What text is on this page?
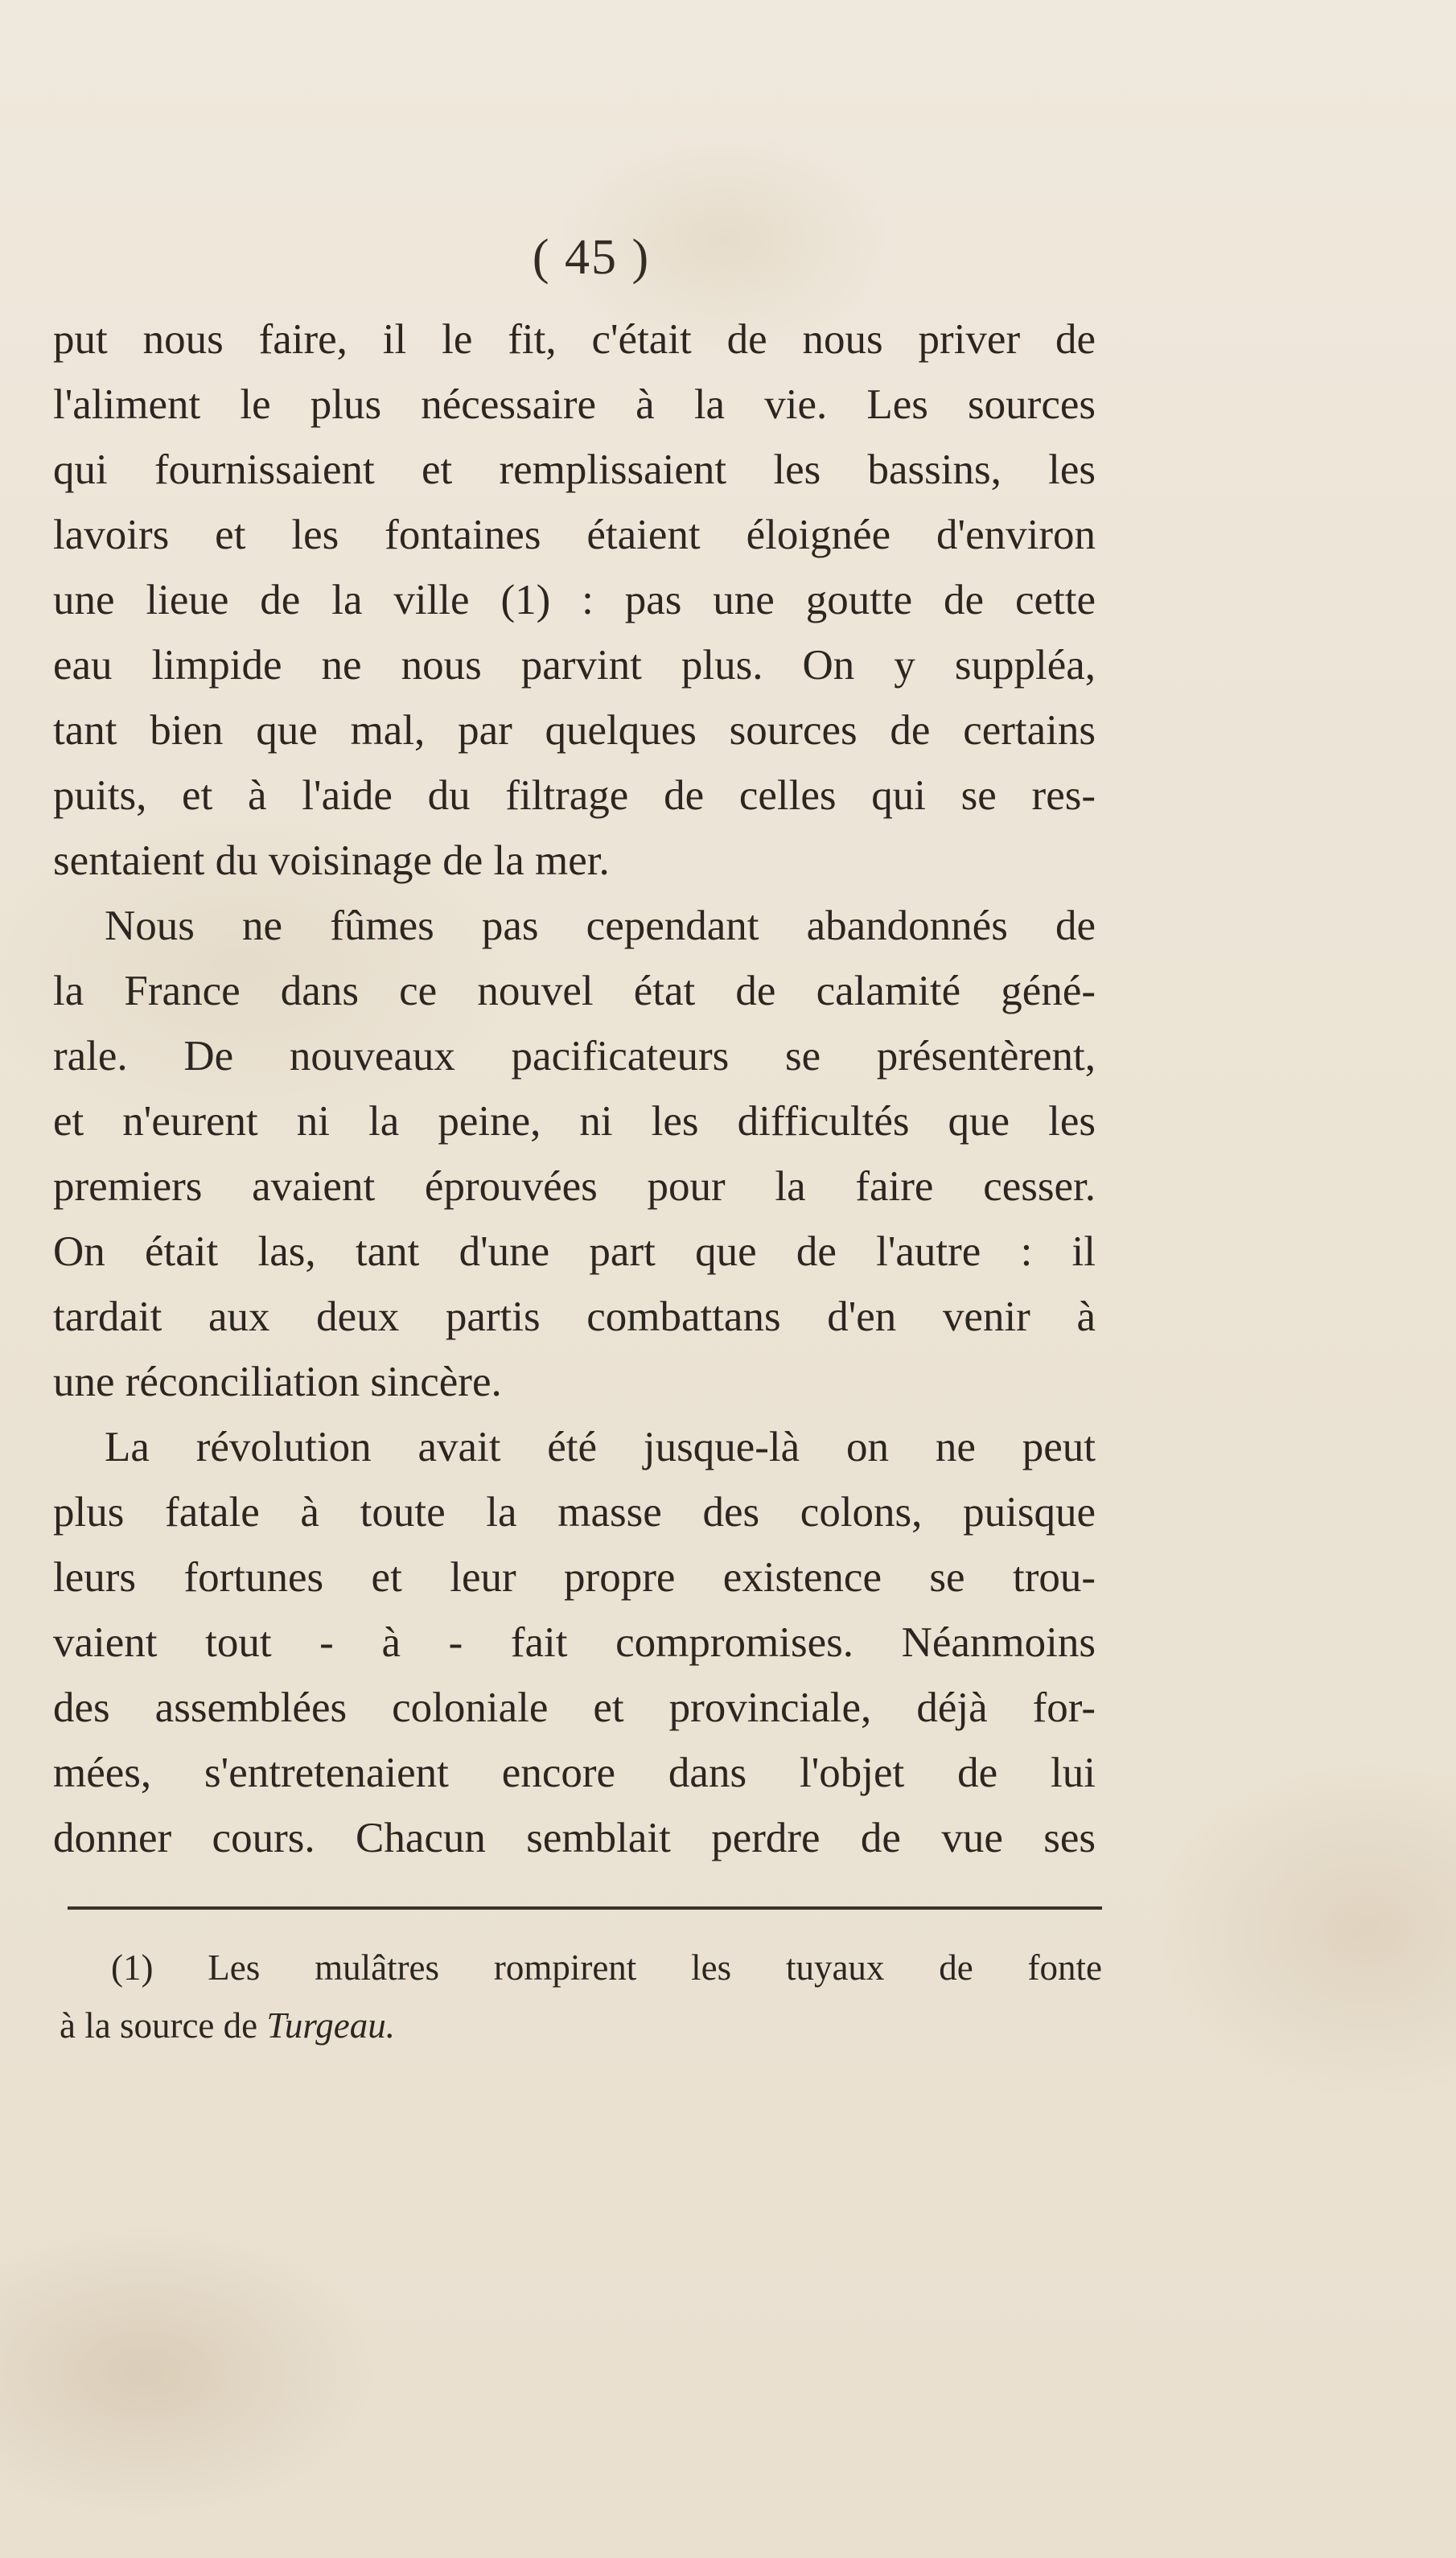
( 45 )
put nous faire, il le fit, c'était de nous priver de
l'aliment le plus nécessaire à la vie. Les sources
qui fournissaient et remplissaient les bassins, les
lavoirs et les fontaines étaient éloignée d'environ
une lieue de la ville (1) : pas une goutte de cette
eau limpide ne nous parvint plus. On y suppléa,
tant bien que mal, par quelques sources de certains
puits, et à l'aide du filtrage de celles qui se res-
sentaient du voisinage de la mer.
Nous ne fûmes pas cependant abandonnés de
la France dans ce nouvel état de calamité géné-
rale. De nouveaux pacificateurs se présentèrent,
et n'eurent ni la peine, ni les difficultés que les
premiers avaient éprouvées pour la faire cesser.
On était las, tant d'une part que de l'autre : il
tardait aux deux partis combattans d'en venir à
une réconciliation sincère.
La révolution avait été jusque-là on ne peut
plus fatale à toute la masse des colons, puisque
leurs fortunes et leur propre existence se trou-
vaient tout - à - fait compromises. Néanmoins
des assemblées coloniale et provinciale, déjà for-
mées, s'entretenaient encore dans l'objet de lui
donner cours. Chacun semblait perdre de vue ses
(1) Les mulâtres rompirent les tuyaux de fonte
à la source de Turgeau.
